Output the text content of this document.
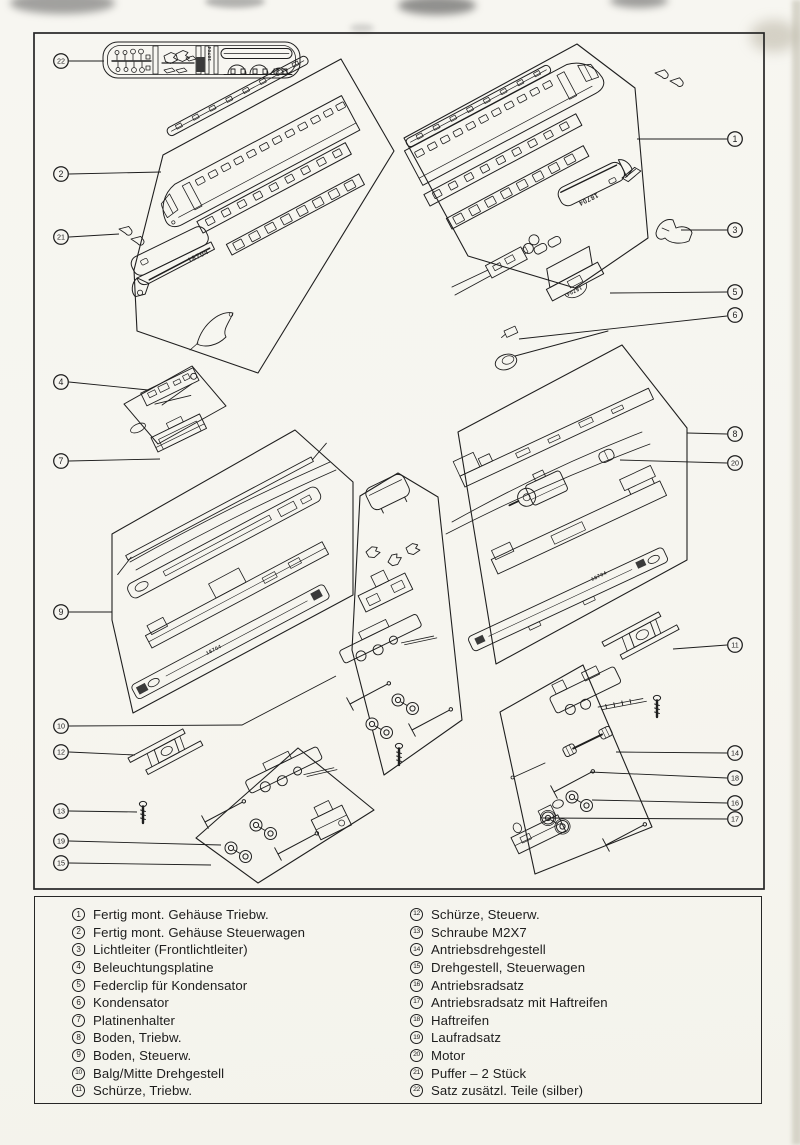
18704
18704
18704
18704
18704
18704
22
2
21
4
7
9
10
12
13
19
15
1
3
5
6
8
20
11
14
18
16
17
1 Fertig mont. Gehäuse Triebw.
2 Fertig mont. Gehäuse Steuerwagen
3 Lichtleiter (Frontlichtleiter)
4 Beleuchtungsplatine
5 Federclip für Kondensator
6 Kondensator
7 Platinenhalter
8 Boden, Triebw.
9 Boden, Steuerw.
10 Balg/Mitte Drehgestell
11 Schürze, Triebw.
12 Schürze, Steuerw.
13 Schraube M2X7
14 Antriebsdrehgestell
15 Drehgestell, Steuerwagen
16 Antriebsradsatz
17 Antriebsradsatz mit Haftreifen
18 Haftreifen
19 Laufradsatz
20 Motor
21 Puffer – 2 Stück
22 Satz zusätzl. Teile (silber)
